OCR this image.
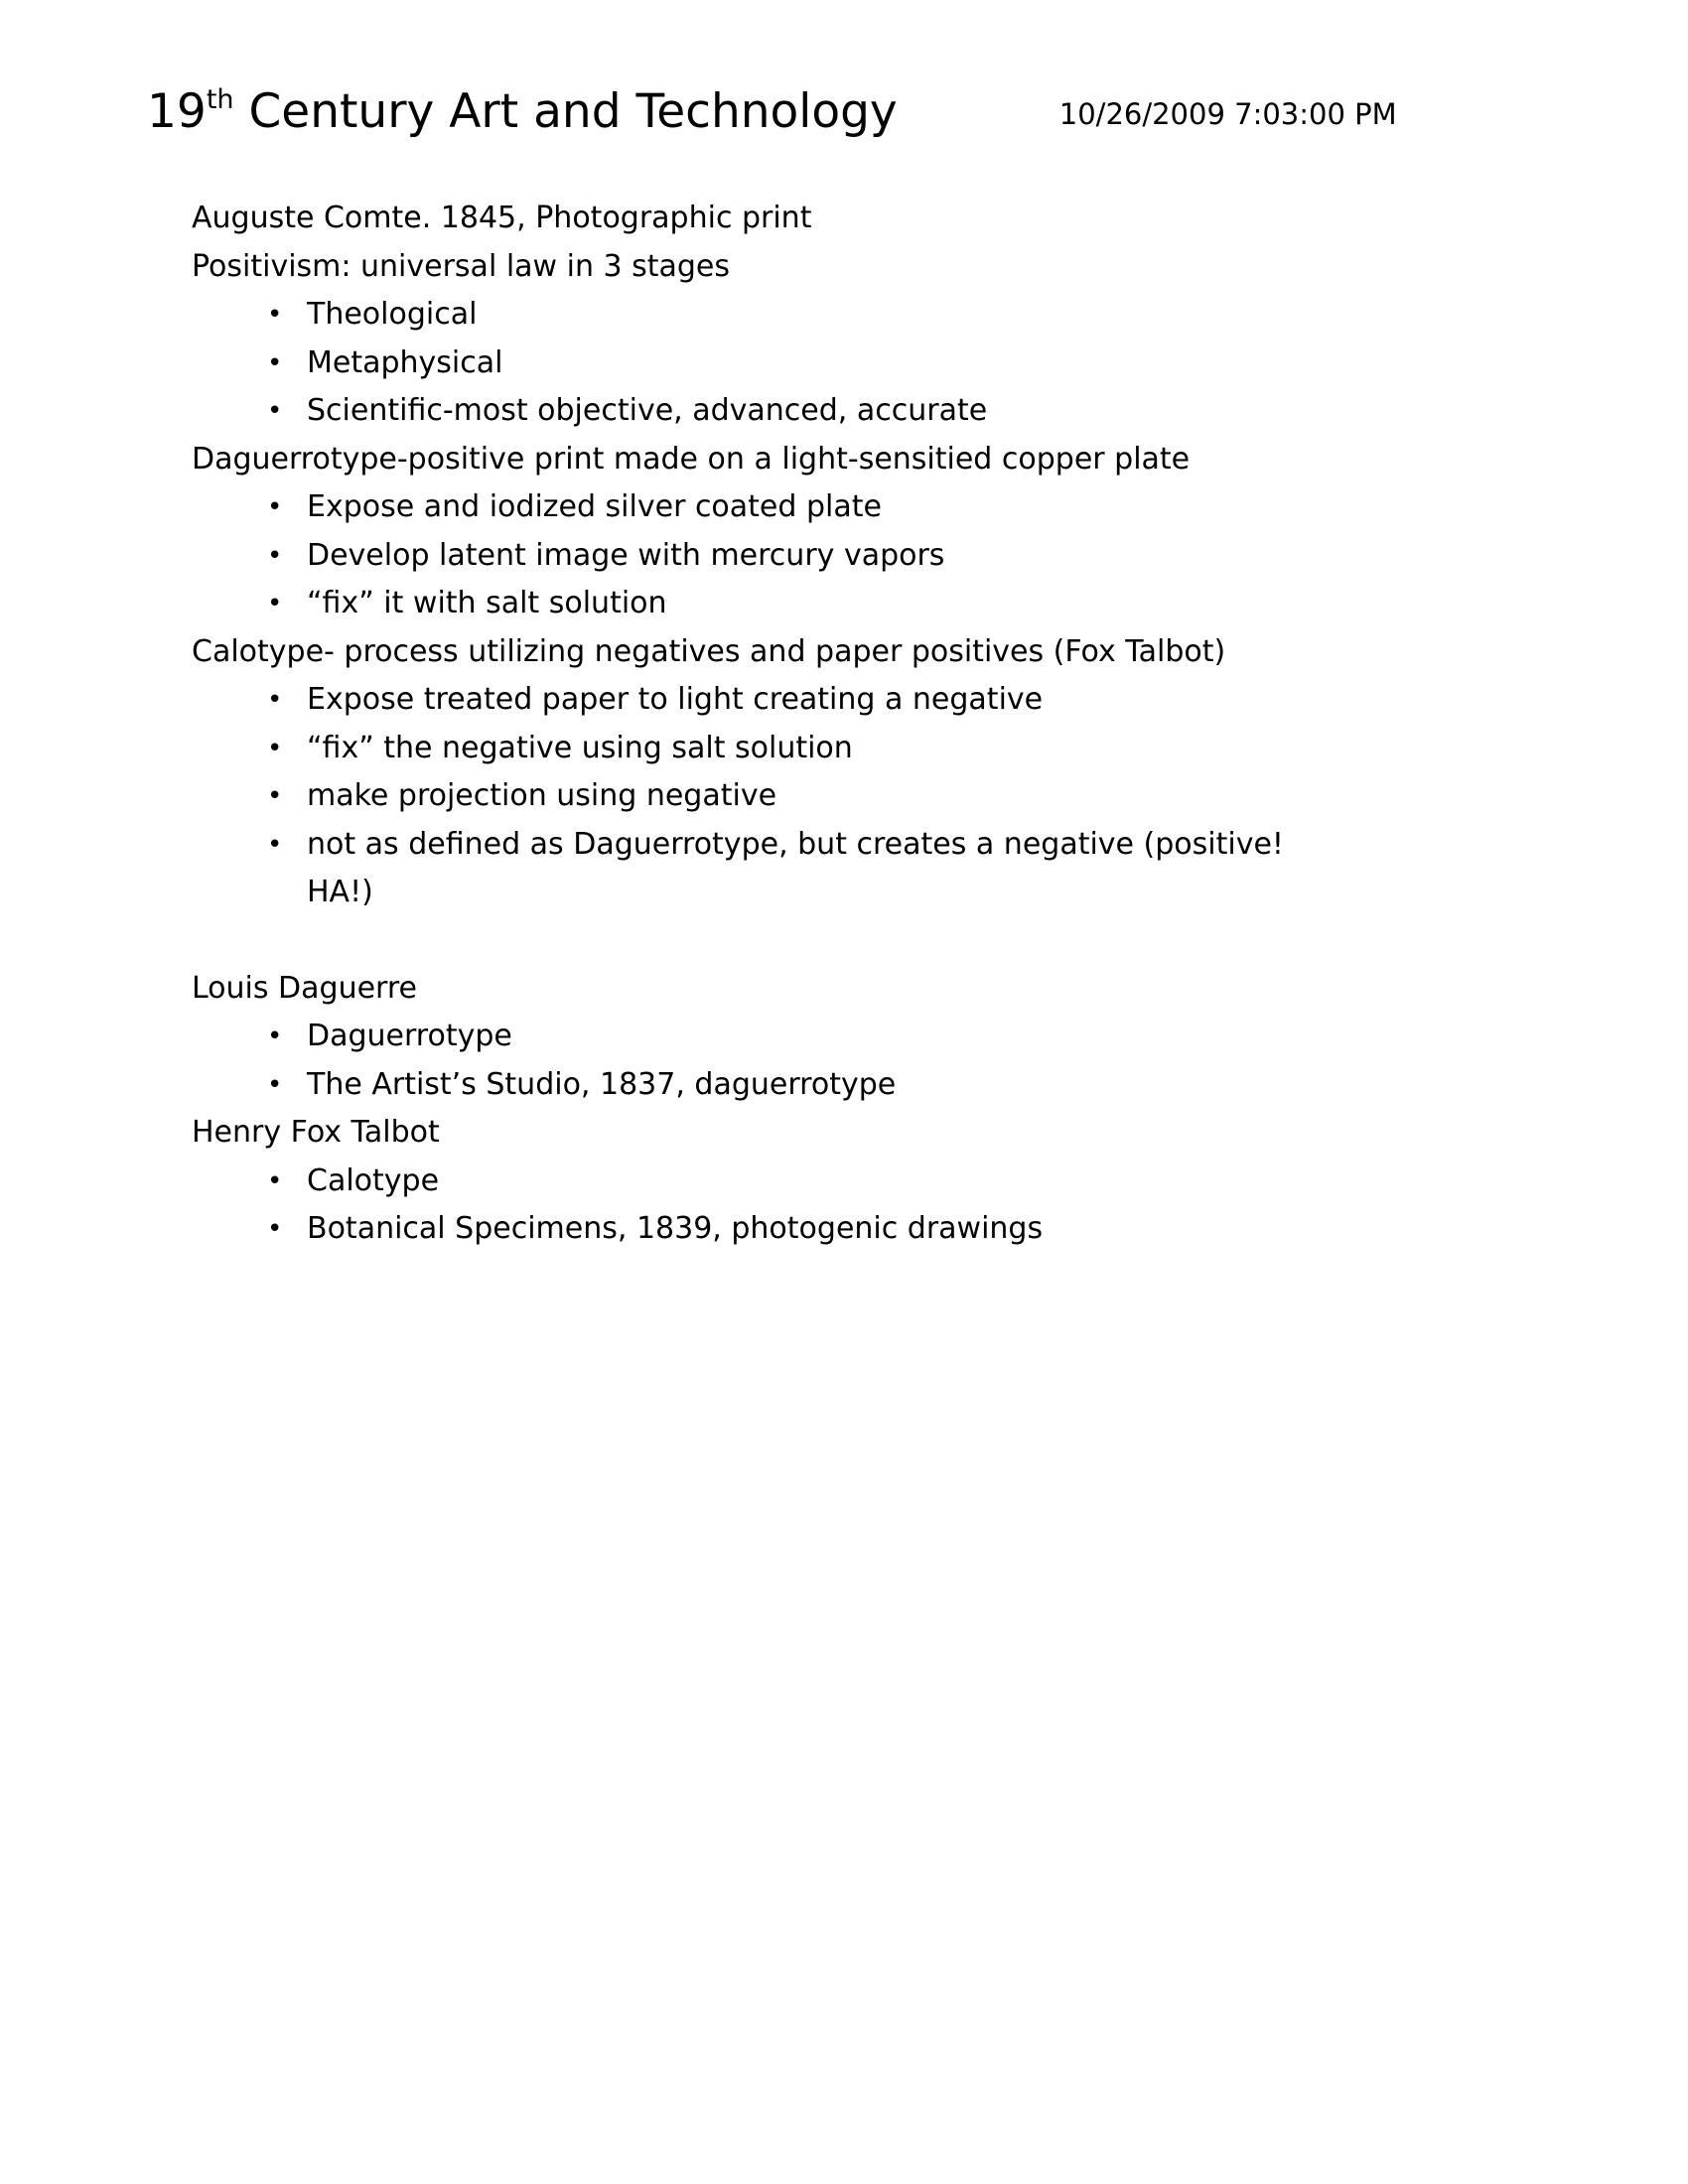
19th Century Art and Technology	10/26/2009 7:03:00 PM
Auguste Comte. 1845, Photographic print
Positivism: universal law in 3 stages
• Theological
• Metaphysical
• Scientific-most objective, advanced, accurate
Daguerrotype-positive print made on a light-sensitied copper plate
• Expose and iodized silver coated plate
• Develop latent image with mercury vapors
• “fix” it with salt solution
Calotype- process utilizing negatives and paper positives (Fox Talbot)
• Expose treated paper to light creating a negative
• “fix” the negative using salt solution
• make projection using negative
• not as defined as Daguerrotype, but creates a negative (positive! HA!)
Louis Daguerre
• Daguerrotype
• The Artist’s Studio, 1837, daguerrotype
Henry Fox Talbot
• Calotype
• Botanical Specimens, 1839, photogenic drawings
